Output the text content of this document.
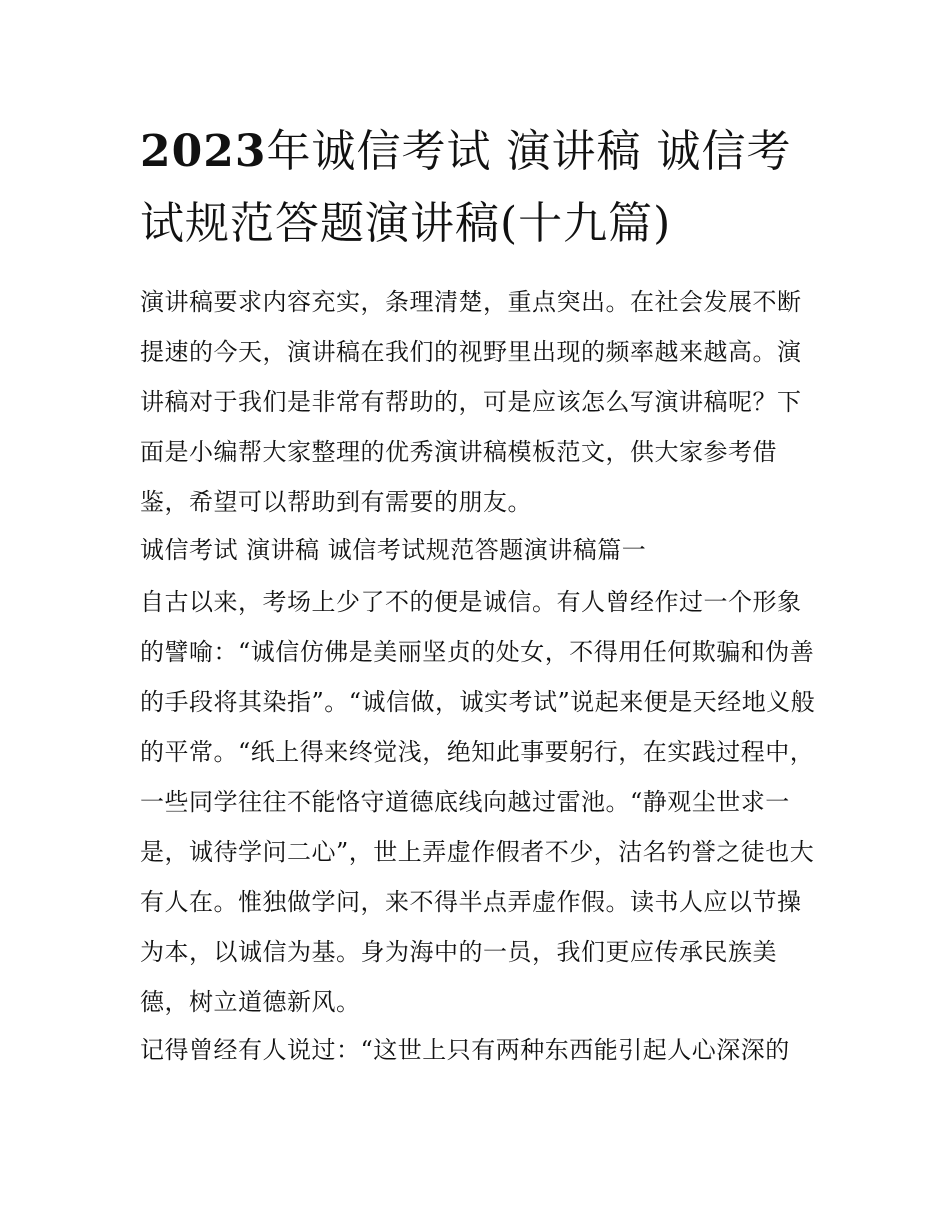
2023年诚信考试 演讲稿 诚信考试规范答题演讲稿(十九篇)

演讲稿要求内容充实，条理清楚，重点突出。在社会发展不断提速的今天，演讲稿在我们的视野里出现的频率越来越高。演讲稿对于我们是非常有帮助的，可是应该怎么写演讲稿呢？下面是小编帮大家整理的优秀演讲稿模板范文，供大家参考借鉴，希望可以帮助到有需要的朋友。

诚信考试 演讲稿 诚信考试规范答题演讲稿篇一

自古以来，考场上少了不的便是诚信。有人曾经作过一个形象的譬喻：“诚信仿佛是美丽坚贞的处女，不得用任何欺骗和伪善的手段将其染指”。“诚信做，诚实考试”说起来便是天经地义般的平常。“纸上得来终觉浅，绝知此事要躬行，在实践过程中，一些同学往往不能恪守道德底线向越过雷池。“静观尘世求一是，诚待学问二心”，世上弄虚作假者不少，沽名钓誉之徒也大有人在。惟独做学问，来不得半点弄虚作假。读书人应以节操为本，以诚信为基。身为海中的一员，我们更应传承民族美德，树立道德新风。

记得曾经有人说过：“这世上只有两种东西能引起人心深深的
